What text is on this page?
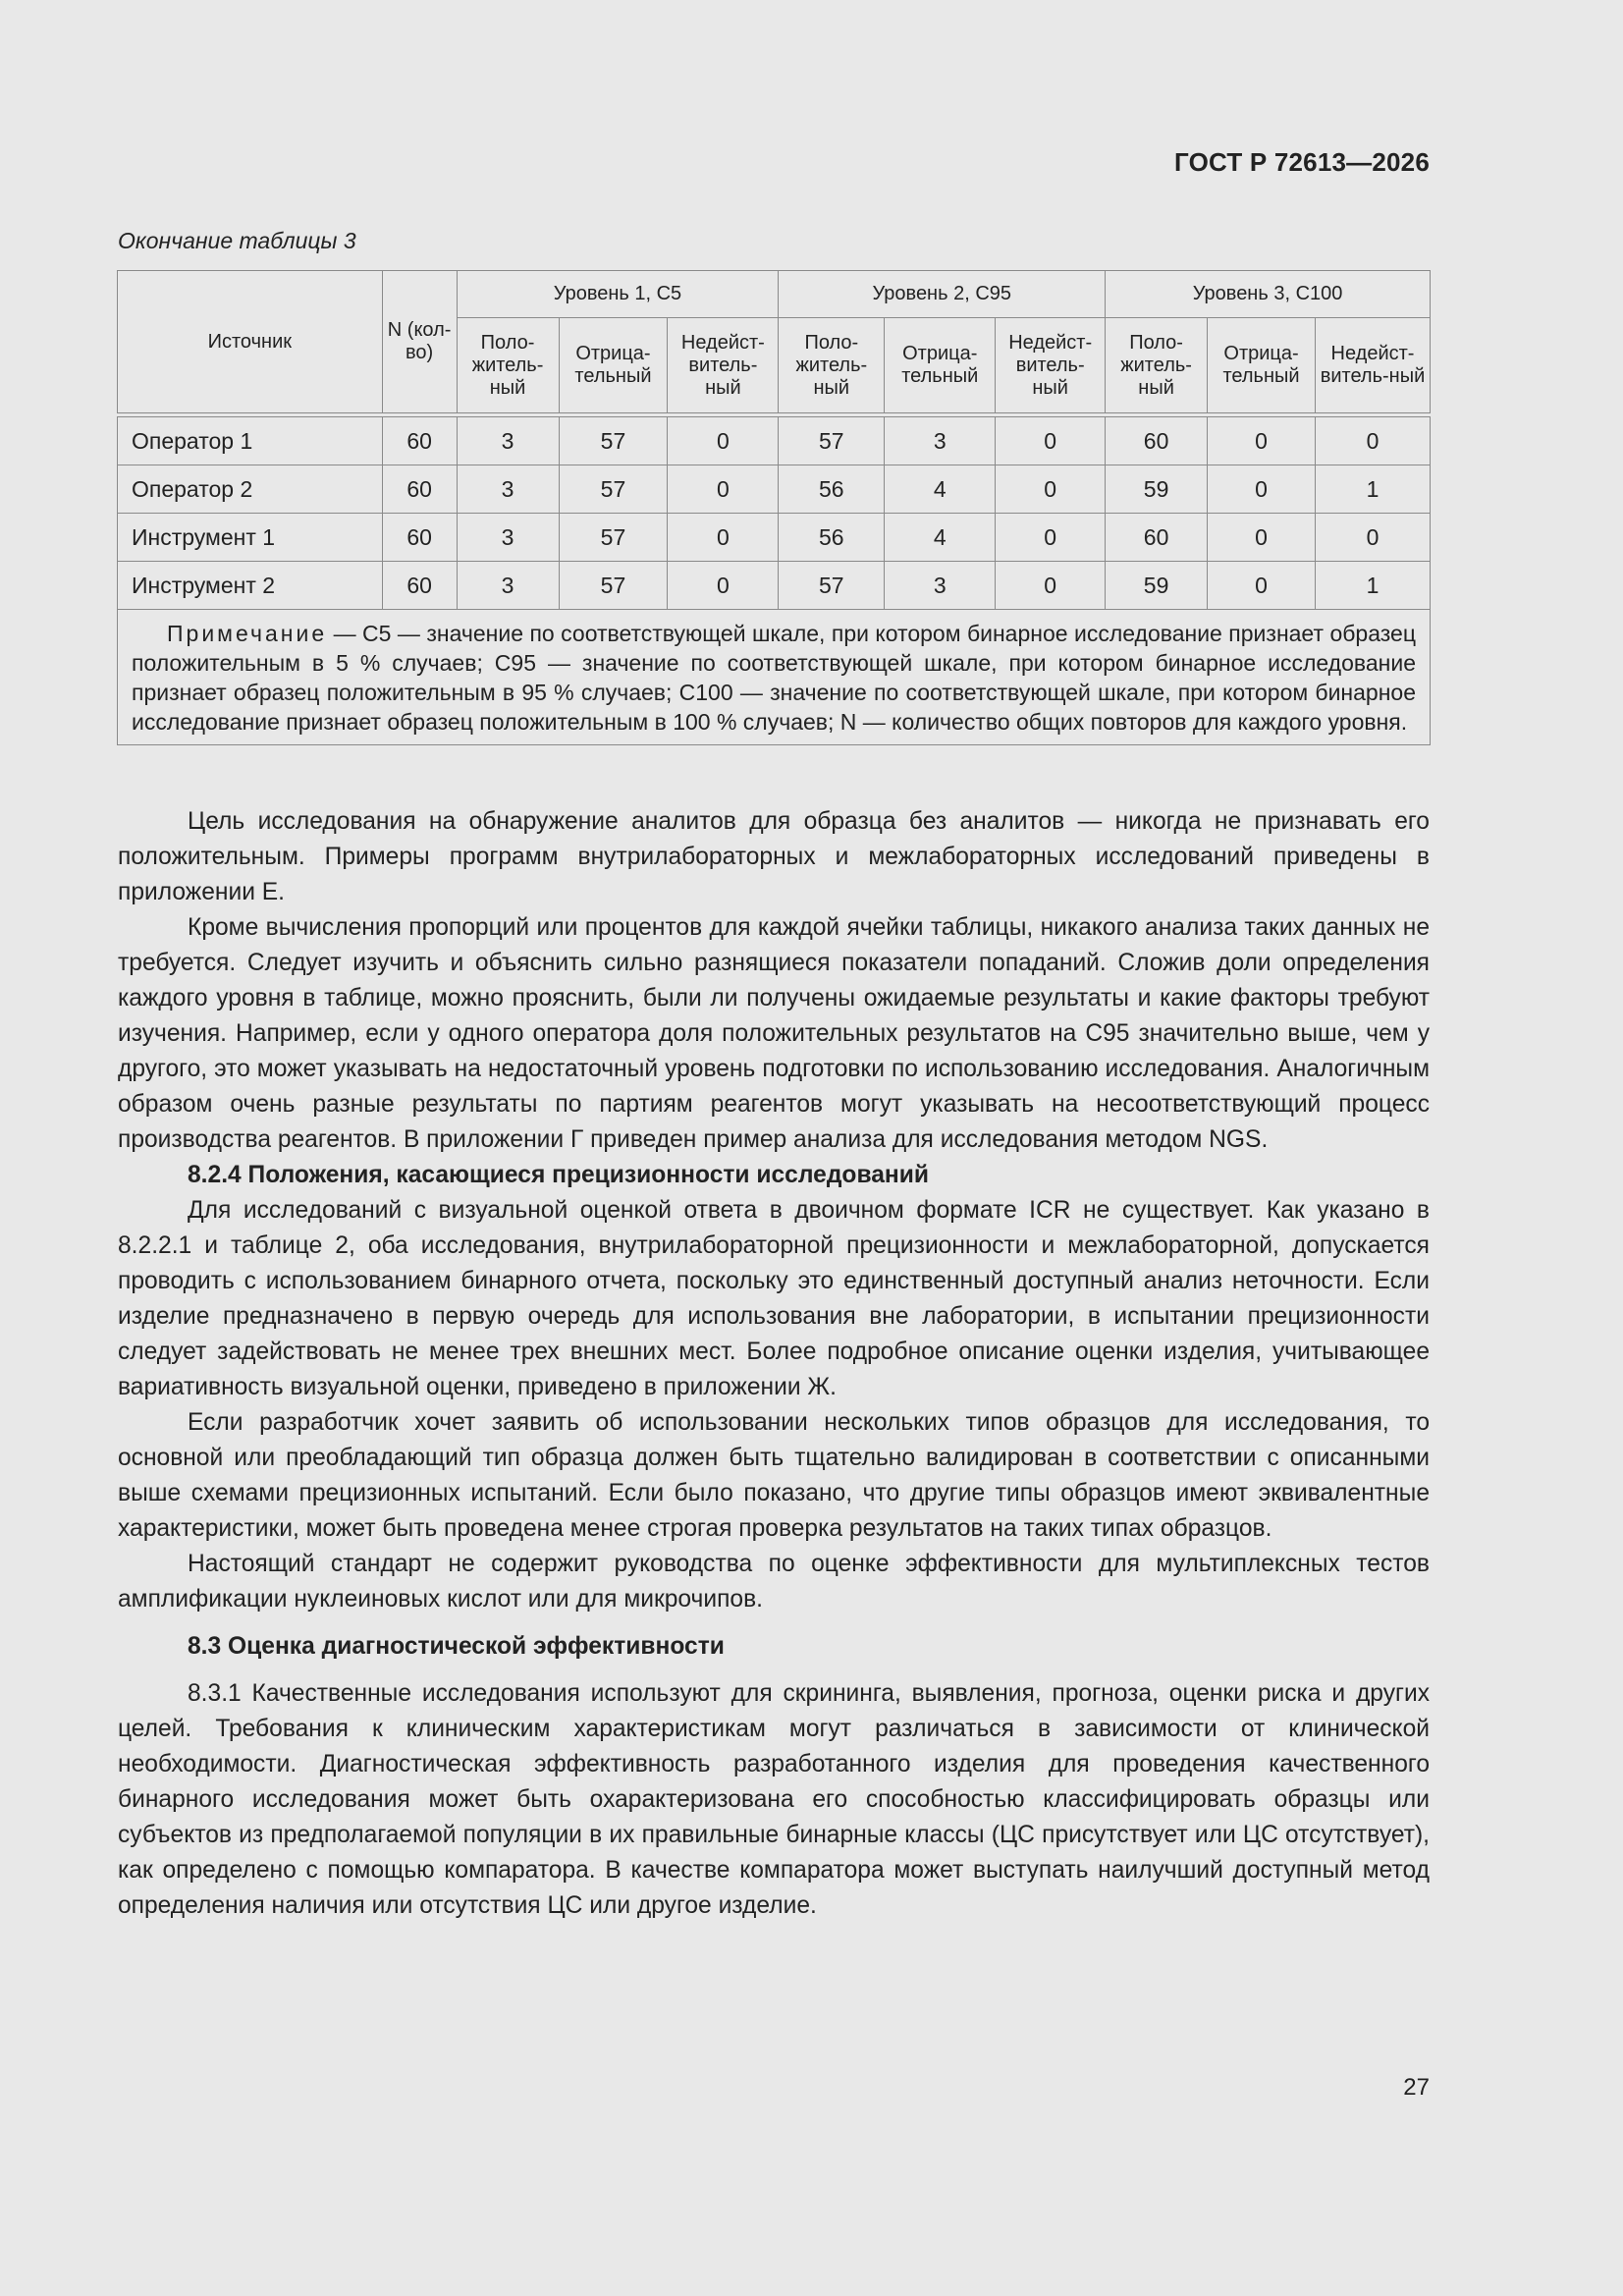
ГОСТ Р 72613—2026
Окончание таблицы 3
Источник	N (кол-во)	Уровень 1, С5			Уровень 2, С95			Уровень 3, С100		
		Поло-житель-ный	Отрица-тельный	Недейст-витель-ный	Поло-житель-ный	Отрица-тельный	Недейст-витель-ный	Поло-житель-ный	Отрица-тельный	Недейст-витель-ный

Оператор 1	60	3	57	0	57	3	0	60	0	0
Оператор 2	60	3	57	0	56	4	0	59	0	1
Инструмент 1	60	3	57	0	56	4	0	60	0	0
Инструмент 2	60	3	57	0	57	3	0	59	0	1
Примечание — С5 — значение по соответствующей шкале, при котором бинарное исследование признает образец положительным в 5 % случаев; С95 — значение по соответствующей шкале, при котором бинарное исследование признает образец положительным в 95 % случаев; С100 — значение по соответствующей шкале, при котором бинарное исследование признает образец положительным в 100 % случаев; N — количество общих повторов для каждого уровня.										

Цель исследования на обнаружение аналитов для образца без аналитов — никогда не признавать его положительным. Примеры программ внутрилабораторных и межлабораторных исследований приведены в приложении Е.

Кроме вычисления пропорций или процентов для каждой ячейки таблицы, никакого анализа таких данных не требуется. Следует изучить и объяснить сильно разнящиеся показатели попаданий. Сложив доли определения каждого уровня в таблице, можно прояснить, были ли получены ожидаемые результаты и какие факторы требуют изучения. Например, если у одного оператора доля положительных результатов на С95 значительно выше, чем у другого, это может указывать на недостаточный уровень подготовки по использованию исследования. Аналогичным образом очень разные результаты по партиям реагентов могут указывать на несоответствующий процесс производства реагентов. В приложении Г приведен пример анализа для исследования методом NGS.

8.2.4 Положения, касающиеся прецизионности исследований

Для исследований с визуальной оценкой ответа в двоичном формате ICR не существует. Как указано в 8.2.2.1 и таблице 2, оба исследования, внутрилабораторной прецизионности и межлабораторной, допускается проводить с использованием бинарного отчета, поскольку это единственный доступный анализ неточности. Если изделие предназначено в первую очередь для использования вне лаборатории, в испытании прецизионности следует задействовать не менее трех внешних мест. Более подробное описание оценки изделия, учитывающее вариативность визуальной оценки, приведено в приложении Ж.

Если разработчик хочет заявить об использовании нескольких типов образцов для исследования, то основной или преобладающий тип образца должен быть тщательно валидирован в соответствии с описанными выше схемами прецизионных испытаний. Если было показано, что другие типы образцов имеют эквивалентные характеристики, может быть проведена менее строгая проверка результатов на таких типах образцов.

Настоящий стандарт не содержит руководства по оценке эффективности для мультиплексных тестов амплификации нуклеиновых кислот или для микрочипов.

8.3 Оценка диагностической эффективности

8.3.1 Качественные исследования используют для скрининга, выявления, прогноза, оценки риска и других целей. Требования к клиническим характеристикам могут различаться в зависимости от клинической необходимости. Диагностическая эффективность разработанного изделия для проведения качественного бинарного исследования может быть охарактеризована его способностью классифицировать образцы или субъектов из предполагаемой популяции в их правильные бинарные классы (ЦС присутствует или ЦС отсутствует), как определено с помощью компаратора. В качестве компаратора может выступать наилучший доступный метод определения наличия или отсутствия ЦС или другое изделие.

27
